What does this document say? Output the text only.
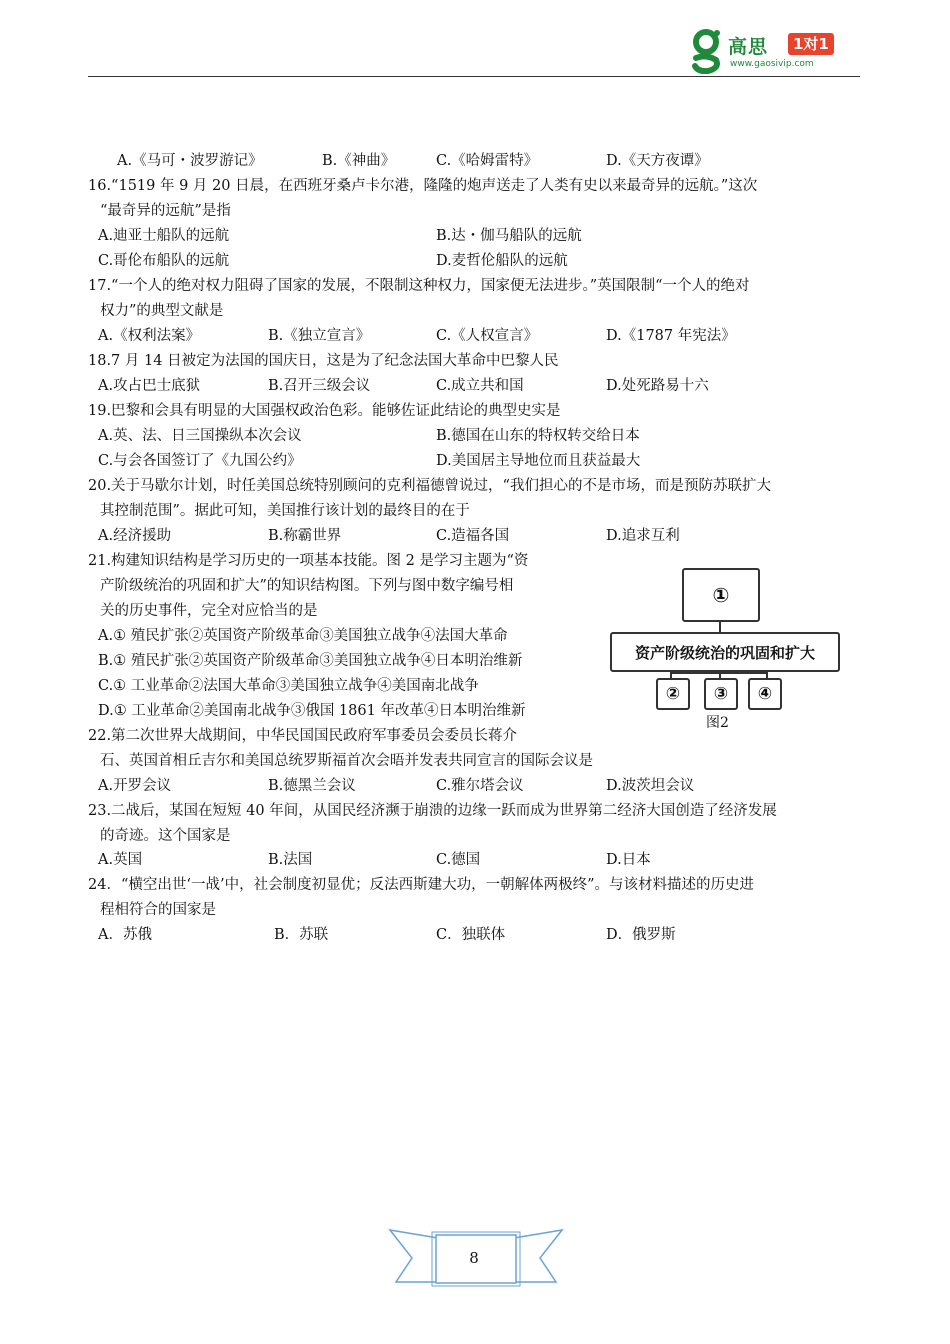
高思	1对1
www.gaosivip.com
A.《马可・波罗游记》	B.《神曲》	C.《哈姆雷特》	D.《天方夜谭》
16.“1519 年 9 月 20 日晨，在西班牙桑卢卡尔港，隆隆的炮声送走了人类有史以来最奇异的远航。”这次
“最奇异的远航”是指
A.迪亚士船队的远航	B.达・伽马船队的远航
C.哥伦布船队的远航	D.麦哲伦船队的远航
17.“一个人的绝对权力阻碍了国家的发展，不限制这种权力，国家便无法进步。”英国限制“一个人的绝对
权力”的典型文献是
A.《权利法案》	B.《独立宣言》	C.《人权宣言》	D.《1787 年宪法》
18.7 月 14 日被定为法国的国庆日，这是为了纪念法国大革命中巴黎人民
A.攻占巴士底狱	B.召开三级会议	C.成立共和国	D.处死路易十六
19.巴黎和会具有明显的大国强权政治色彩。能够佐证此结论的典型史实是
A.英、法、日三国操纵本次会议	B.德国在山东的特权转交给日本
C.与会各国签订了《九国公约》	D.美国居主导地位而且获益最大
20.关于马歇尔计划，时任美国总统特别顾问的克利福德曾说过，“我们担心的不是市场，而是预防苏联扩大
其控制范围”。据此可知，美国推行该计划的最终目的在于
A.经济援助	B.称霸世界	C.造福各国	D.追求互利
21.构建知识结构是学习历史的一项基本技能。图 2 是学习主题为“资
产阶级统治的巩固和扩大”的知识结构图。下列与图中数字编号相
关的历史事件，完全对应恰当的是
A.① 殖民扩张②英国资产阶级革命③美国独立战争④法国大革命
B.① 殖民扩张②英国资产阶级革命③美国独立战争④日本明治维新
C.① 工业革命②法国大革命③美国独立战争④美国南北战争
D.① 工业革命②美国南北战争③俄国 1861 年改革④日本明治维新
①
资产阶级统治的巩固和扩大
②	③	④
图2
22.第二次世界大战期间，中华民国国民政府军事委员会委员长蒋介
石、英国首相丘吉尔和美国总统罗斯福首次会晤并发表共同宣言的国际会议是
A.开罗会议	B.德黑兰会议	C.雅尔塔会议	D.波茨坦会议
23.二战后，某国在短短 40 年间，从国民经济濒于崩溃的边缘一跃而成为世界第二经济大国创造了经济发展
的奇迹。这个国家是
A.英国	B.法国	C.德国	D.日本
24．“横空出世‘一战’中，社会制度初显优；反法西斯建大功，一朝解体两极终”。与该材料描述的历史进
程相符合的国家是
A．苏俄	B．苏联	C．独联体	D．俄罗斯
8
